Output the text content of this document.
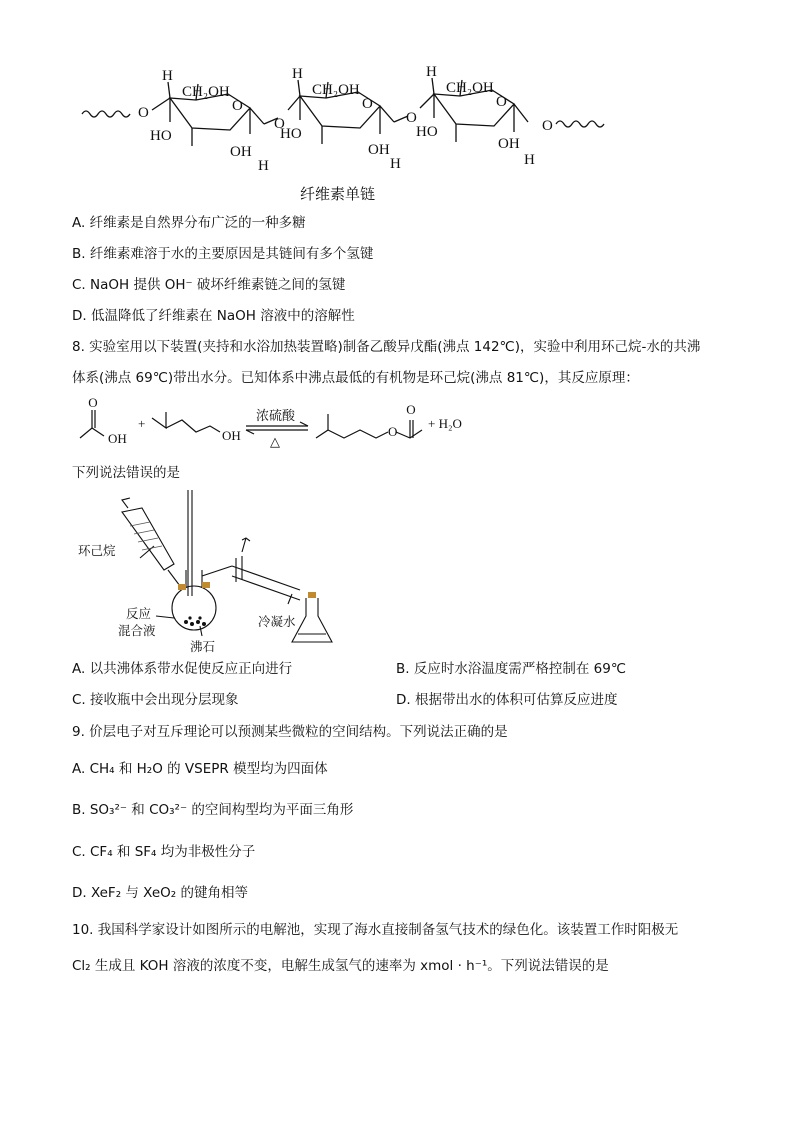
O
H
CH₂OH
O
HO
OH
H
O
H
CH₂OH
O
HO
OH
H
O
H
CH₂OH
O
HO
OH
H
O
纤维素单链
A. 纤维素是自然界分布广泛的一种多糖
B. 纤维素难溶于水的主要原因是其链间有多个氢键
C. NaOH 提供 OH⁻ 破坏纤维素链之间的氢键
D. 低温降低了纤维素在 NaOH 溶液中的溶解性
8. 实验室用以下装置(夹持和水浴加热装置略)制备乙酸异戊酯(沸点 142℃)，实验中利用环己烷-水的共沸
体系(沸点 69℃)带出水分。已知体系中沸点最低的有机物是环己烷(沸点 81℃)，其反应原理：
O
OH
+
OH
浓硫酸
△
O
O
+ H₂O
下列说法错误的是
环己烷
反应
混合液
沸石
冷凝水
A. 以共沸体系带水促使反应正向进行	B. 反应时水浴温度需严格控制在 69℃
C. 接收瓶中会出现分层现象	D. 根据带出水的体积可估算反应进度
9. 价层电子对互斥理论可以预测某些微粒的空间结构。下列说法正确的是
A. CH₄ 和 H₂O 的 VSEPR 模型均为四面体
B. SO₃²⁻ 和 CO₃²⁻ 的空间构型均为平面三角形
C. CF₄ 和 SF₄ 均为非极性分子
D. XeF₂ 与 XeO₂ 的键角相等
10. 我国科学家设计如图所示的电解池，实现了海水直接制备氢气技术的绿色化。该装置工作时阳极无
Cl₂ 生成且 KOH 溶液的浓度不变，电解生成氢气的速率为 xmol · h⁻¹。下列说法错误的是
